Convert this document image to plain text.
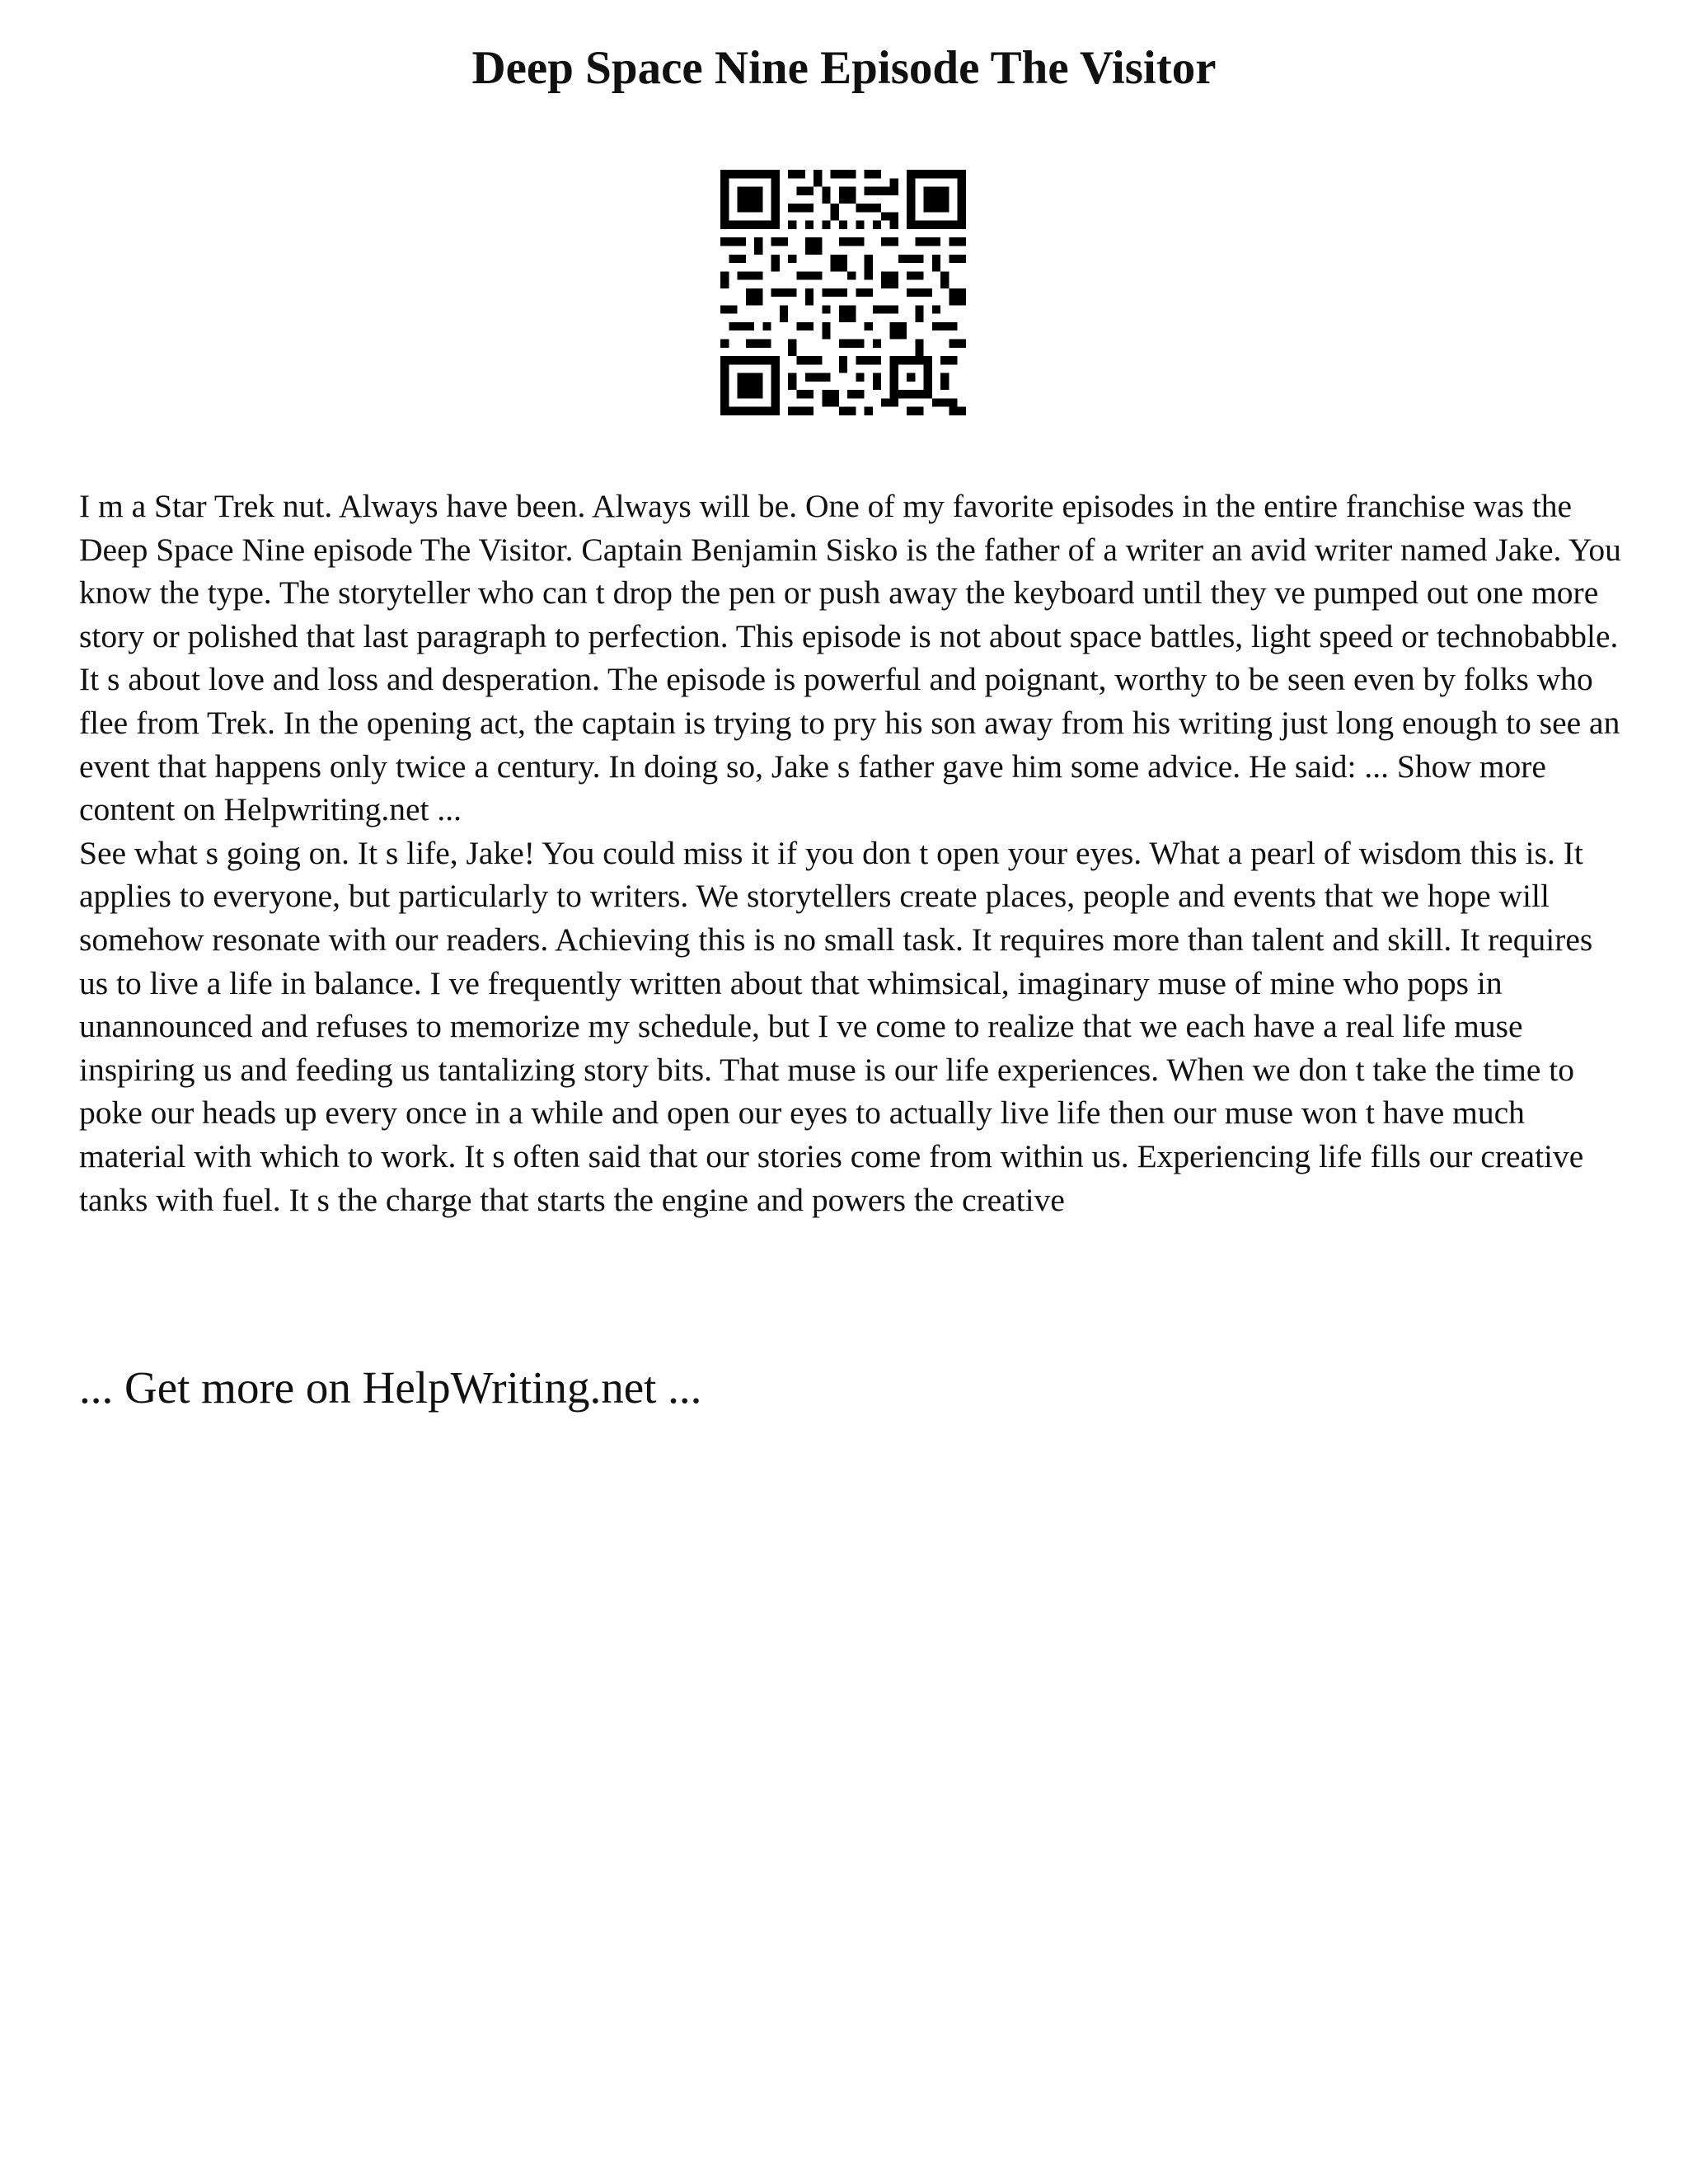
Deep Space Nine Episode The Visitor

I m a Star Trek nut. Always have been. Always will be. One of my favorite episodes in the entire franchise was the Deep Space Nine episode The Visitor. Captain Benjamin Sisko is the father of a writer an avid writer named Jake. You know the type. The storyteller who can t drop the pen or push away the keyboard until they ve pumped out one more story or polished that last paragraph to perfection. This episode is not about space battles, light speed or technobabble. It s about love and loss and desperation. The episode is powerful and poignant, worthy to be seen even by folks who flee from Trek. In the opening act, the captain is trying to pry his son away from his writing just long enough to see an event that happens only twice a century. In doing so, Jake s father gave him some advice. He said: ... Show more content on Helpwriting.net ...

See what s going on. It s life, Jake! You could miss it if you don t open your eyes. What a pearl of wisdom this is. It applies to everyone, but particularly to writers. We storytellers create places, people and events that we hope will somehow resonate with our readers. Achieving this is no small task. It requires more than talent and skill. It requires us to live a life in balance. I ve frequently written about that whimsical, imaginary muse of mine who pops in unannounced and refuses to memorize my schedule, but I ve come to realize that we each have a real life muse inspiring us and feeding us tantalizing story bits. That muse is our life experiences. When we don t take the time to poke our heads up every once in a while and open our eyes to actually live life then our muse won t have much material with which to work. It s often said that our stories come from within us. Experiencing life fills our creative tanks with fuel. It s the charge that starts the engine and powers the creative

... Get more on HelpWriting.net ...
